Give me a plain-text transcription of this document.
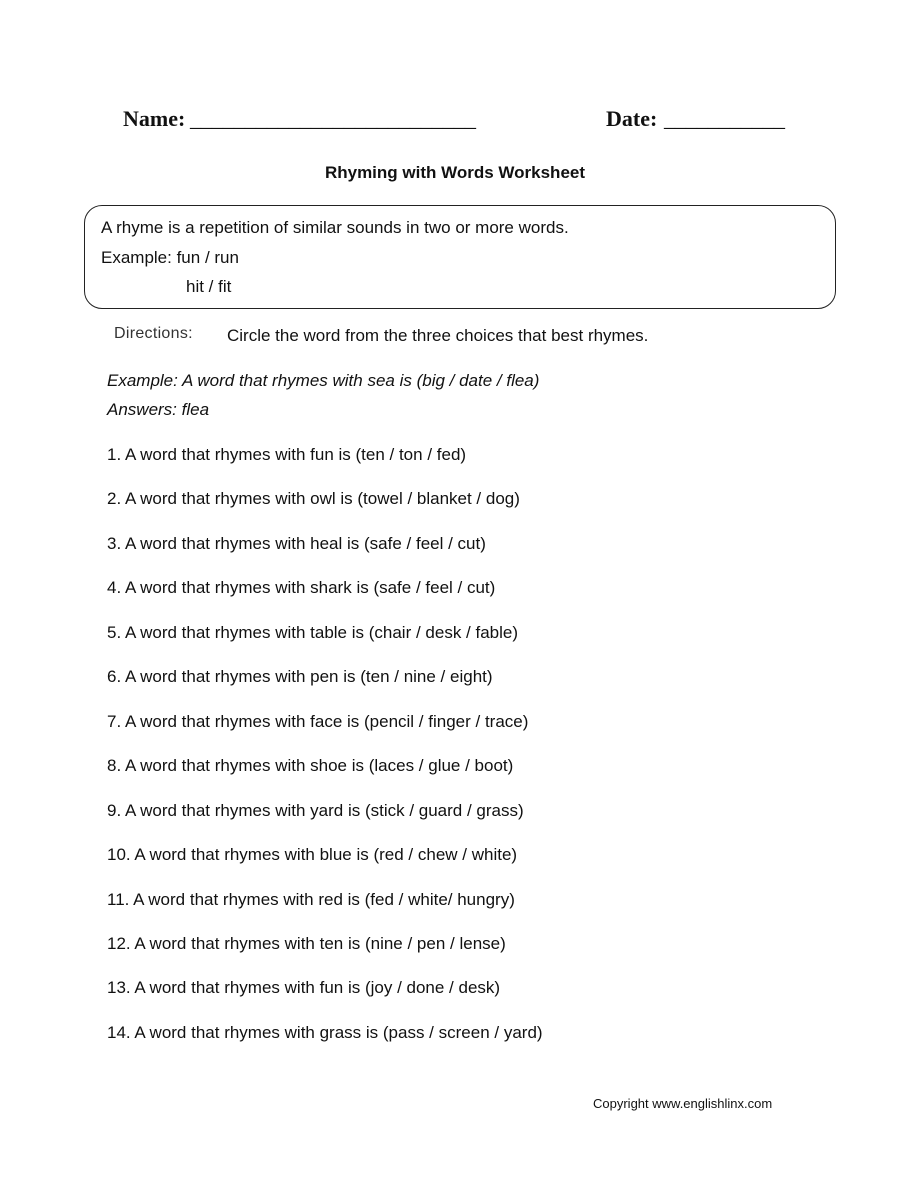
Name: __________________________	Date: ___________
Rhyming with Words Worksheet
A rhyme is a repetition of similar sounds in two or more words.
Example: fun / run
hit / fit
Directions: Circle the word from the three choices that best rhymes.
Example: A word that rhymes with sea is (big / date / flea)
Answers: flea
1. A word that rhymes with fun is (ten / ton / fed)
2. A word that rhymes with owl is (towel / blanket / dog)
3. A word that rhymes with heal is (safe / feel / cut)
4. A word that rhymes with shark is (safe / feel / cut)
5. A word that rhymes with table is (chair / desk / fable)
6. A word that rhymes with pen is (ten / nine / eight)
7. A word that rhymes with face is (pencil / finger / trace)
8. A word that rhymes with shoe is (laces / glue / boot)
9. A word that rhymes with yard is (stick / guard / grass)
10. A word that rhymes with blue is (red / chew / white)
11. A word that rhymes with red is (fed / white/ hungry)
12. A word that rhymes with ten is (nine / pen / lense)
13. A word that rhymes with fun is (joy / done / desk)
14. A word that rhymes with grass is (pass / screen / yard)
Copyright www.englishlinx.com
